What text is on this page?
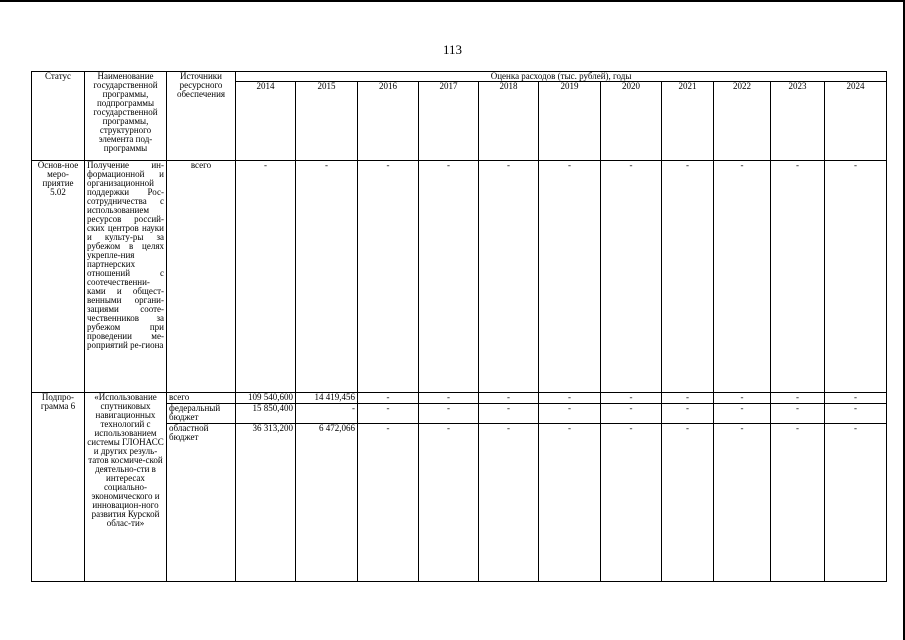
113
Статус	Наименование государственной программы, подпрограммы государственной программы, структурного элемента под-программы	Источники ресурсного обеспечения	Оценка расходов (тыс. рублей), годы										
			2014	2015	2016	2017	2018	2019	2020	2021	2022	2023	2024
Основ-ное меро-приятие 5.02	Получение ин-формационной и организационной поддержки Рос-сотрудничества с использованием ресурсов россий-ских центров науки и культу-ры за рубежом в целях укрепле-ния партнерских отношений с соотечественни-ками и общест-венными органи-зациями сооте-чественников за рубежом при проведении ме-роприятий ре-гиона	всего	-	-	-	-	-	-	-	-	-	-	-
Подпро-грамма 6	«Использование спутниковых навигационных технологий с использованием системы ГЛОНАСС и других резуль-татов космиче-ской деятельно-сти в интересах социально-экономического и инновацион-ного развития Курской облас-ти»	всего	109 540,600	14 419,456	-	-	-	-	-	-	-	-	-
		федеральный бюджет	15 850,400	-	-	-	-	-	-	-	-	-	-
		областной бюджет	36 313,200	6 472,066	-	-	-	-	-	-	-	-	-
